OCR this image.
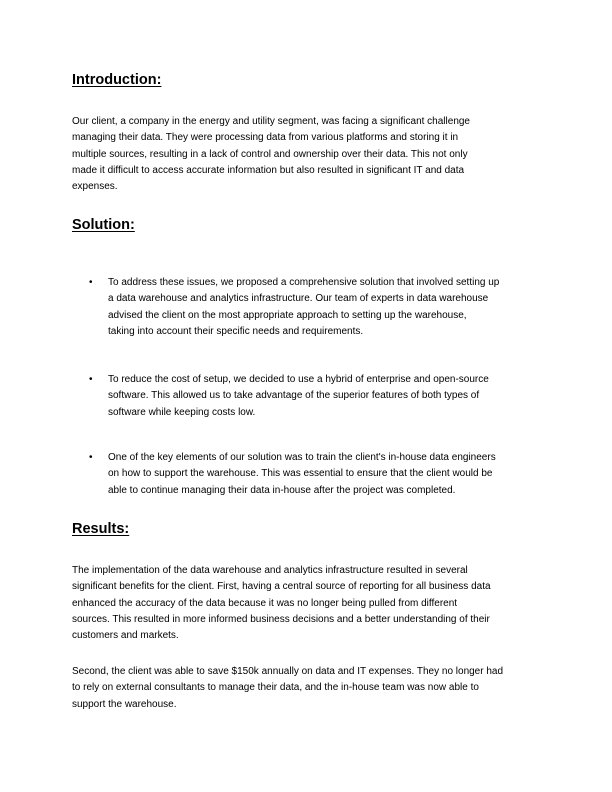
Introduction:
Our client, a company in the energy and utility segment, was facing a significant challenge
managing their data. They were processing data from various platforms and storing it in
multiple sources, resulting in a lack of control and ownership over their data. This not only
made it difficult to access accurate information but also resulted in significant IT and data
expenses.
Solution:
• To address these issues, we proposed a comprehensive solution that involved setting up
a data warehouse and analytics infrastructure. Our team of experts in data warehouse
advised the client on the most appropriate approach to setting up the warehouse,
taking into account their specific needs and requirements.
• To reduce the cost of setup, we decided to use a hybrid of enterprise and open-source
software. This allowed us to take advantage of the superior features of both types of
software while keeping costs low.
• One of the key elements of our solution was to train the client's in-house data engineers
on how to support the warehouse. This was essential to ensure that the client would be
able to continue managing their data in-house after the project was completed.
Results:
The implementation of the data warehouse and analytics infrastructure resulted in several
significant benefits for the client. First, having a central source of reporting for all business data
enhanced the accuracy of the data because it was no longer being pulled from different
sources. This resulted in more informed business decisions and a better understanding of their
customers and markets.
Second, the client was able to save $150k annually on data and IT expenses. They no longer had
to rely on external consultants to manage their data, and the in-house team was now able to
support the warehouse.
